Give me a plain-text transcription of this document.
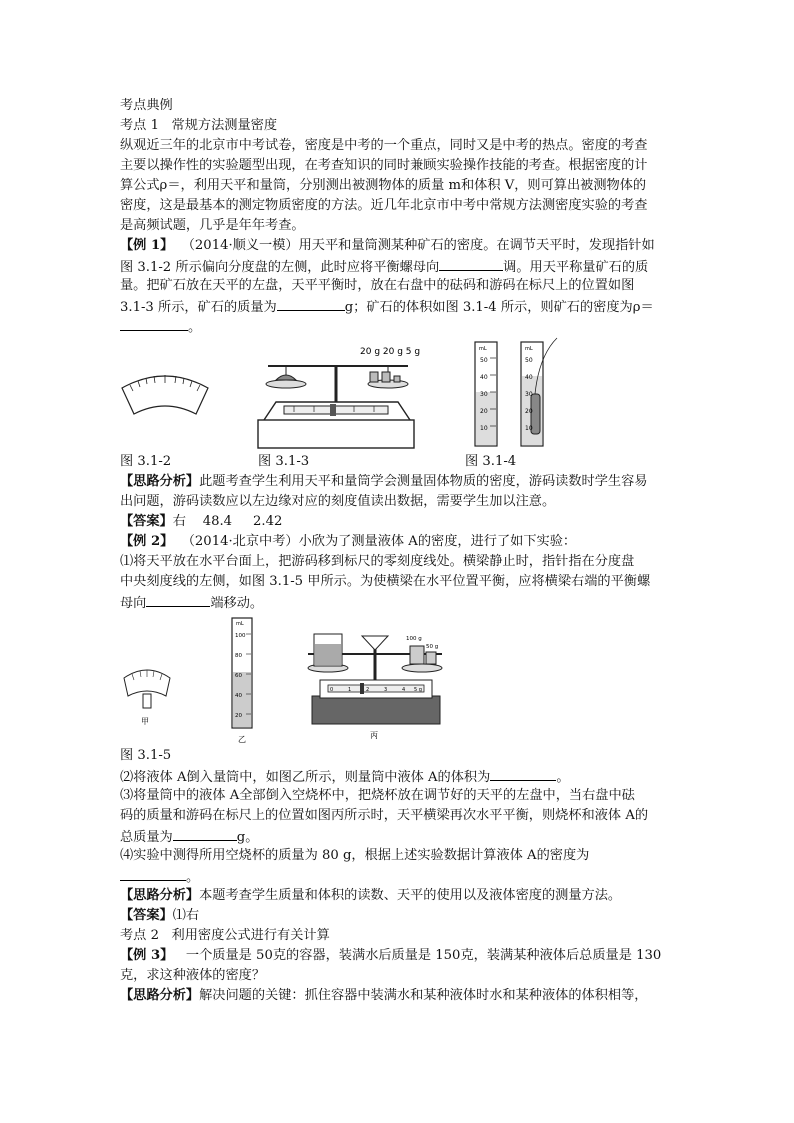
考点典例
考点 1   常规方法测量密度
纵观近三年的北京市中考试卷，密度是中考的一个重点，同时又是中考的热点。密度的考查
主要以操作性的实验题型出现，在考查知识的同时兼顾实验操作技能的考查。根据密度的计
算公式ρ＝，利用天平和量筒，分别测出被测物体的质量 m和体积 V，则可算出被测物体的
密度，这是最基本的测定物质密度的方法。近几年北京市中考中常规方法测密度实验的考查
是高频试题，几乎是年年考查。
【例 1】  （2014·顺义一模）用天平和量筒测某种矿石的密度。在调节天平时，发现指针如
图 3.1-2 所示偏向分度盘的左侧，此时应将平衡螺母向	调。用天平称量矿石的质
量。把矿石放在天平的左盘，天平平衡时，放在右盘中的砝码和游码在标尺上的位置如图
3.1-3 所示，矿石的质量为	g；矿石的体积如图 3.1-4 所示，则矿石的密度为ρ＝
。
20 g 20 g 5 g	mL
50
40
30
20
10
mL
50
40
30
20
10

图 3.1-2

	图 3.1-3

	图 3.1-4

【思路分析】此题考查学生利用天平和量筒学会测量固体物质的密度，游码读数时学生容易
出问题，游码读数应以左边缘对应的刻度值读出数据，需要学生加以注意。
【答案】右    48.4     2.42
【例 2】  （2014·北京中考）小欣为了测量液体 A的密度，进行了如下实验：
⑴将天平放在水平台面上，把游码移到标尺的零刻度线处。横梁静止时，指针指在分度盘
中央刻度线的左侧，如图 3.1-5 甲所示。为使横梁在水平位置平衡，应将横梁右端的平衡螺
母向	端移动。
甲
mL
100
80
60
40
20
乙
0	1	2	3	4 5 g
100 g
50 g
丙
图 3.1-5
⑵将液体 A倒入量筒中，如图乙所示，则量筒中液体 A的体积为	。
⑶将量筒中的液体 A全部倒入空烧杯中，把烧杯放在调节好的天平的左盘中，当右盘中砝
码的质量和游码在标尺上的位置如图丙所示时，天平横梁再次水平平衡，则烧杯和液体 A的
总质量为	g。
⑷实验中测得所用空烧杯的质量为 80 g，根据上述实验数据计算液体 A的密度为
。
【思路分析】本题考查学生质量和体积的读数、天平的使用以及液体密度的测量方法。
【答案】⑴右
考点 2   利用密度公式进行有关计算
【例 3】   一个质量是 50克的容器，装满水后质量是 150克，装满某种液体后总质量是 130
克，求这种液体的密度？
【思路分析】解决问题的关键：抓住容器中装满水和某种液体时水和某种液体的体积相等，
